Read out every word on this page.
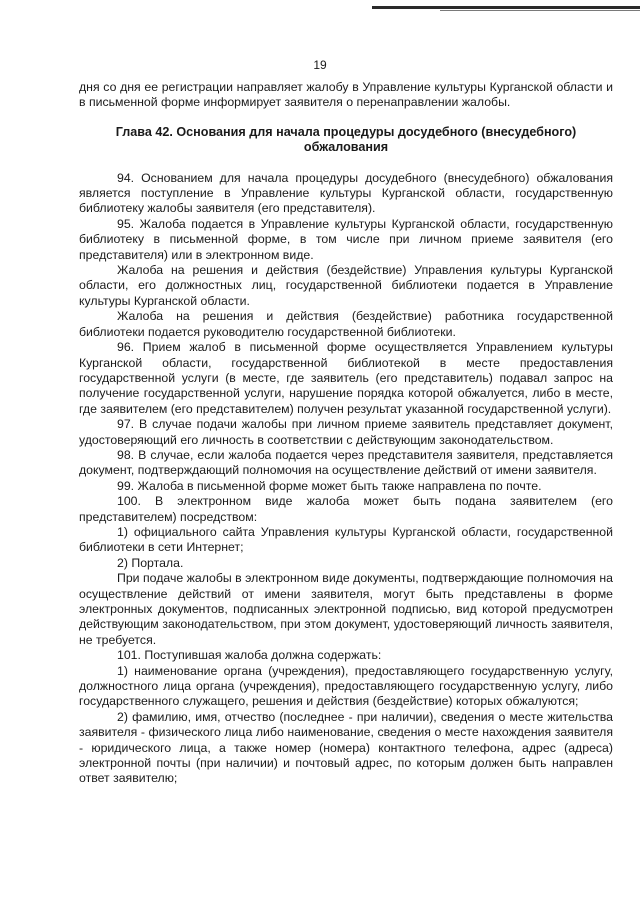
19

дня со дня ее регистрации направляет жалобу в Управление культуры Курганской области и в письменной форме информирует заявителя о перенаправлении жалобы.

Глава 42. Основания для начала процедуры досудебного (внесудебного) обжалования

94. Основанием для начала процедуры досудебного (внесудебного) обжалования является поступление в Управление культуры Курганской области, государственную библиотеку жалобы заявителя (его представителя).

95. Жалоба подается в Управление культуры Курганской области, государственную библиотеку в письменной форме, в том числе при личном приеме заявителя (его представителя) или в электронном виде.

Жалоба на решения и действия (бездействие) Управления культуры Курганской области, его должностных лиц, государственной библиотеки подается в Управление культуры Курганской области.

Жалоба на решения и действия (бездействие) работника государственной библиотеки подается руководителю государственной библиотеки.

96. Прием жалоб в письменной форме осуществляется Управлением культуры Курганской области, государственной библиотекой в месте предоставления государственной услуги (в месте, где заявитель (его представитель) подавал запрос на получение государственной услуги, нарушение порядка которой обжалуется, либо в месте, где заявителем (его представителем) получен результат указанной государственной услуги).

97. В случае подачи жалобы при личном приеме заявитель представляет документ, удостоверяющий его личность в соответствии с действующим законодательством.

98. В случае, если жалоба подается через представителя заявителя, представляется документ, подтверждающий полномочия на осуществление действий от имени заявителя.

99. Жалоба в письменной форме может быть также направлена по почте.

100. В электронном виде жалоба может быть подана заявителем (его представителем) посредством:

1) официального сайта Управления культуры Курганской области, государственной библиотеки в сети Интернет;

2) Портала.

При подаче жалобы в электронном виде документы, подтверждающие полномочия на осуществление действий от имени заявителя, могут быть представлены в форме электронных документов, подписанных электронной подписью, вид которой предусмотрен действующим законодательством, при этом документ, удостоверяющий личность заявителя, не требуется.

101. Поступившая жалоба должна содержать:

1) наименование органа (учреждения), предоставляющего государственную услугу, должностного лица органа (учреждения), предоставляющего государственную услугу, либо государственного служащего, решения и действия (бездействие) которых обжалуются;

2) фамилию, имя, отчество (последнее - при наличии), сведения о месте жительства заявителя - физического лица либо наименование, сведения о месте нахождения заявителя - юридического лица, а также номер (номера) контактного телефона, адрес (адреса) электронной почты (при наличии) и почтовый адрес, по которым должен быть направлен ответ заявителю;
